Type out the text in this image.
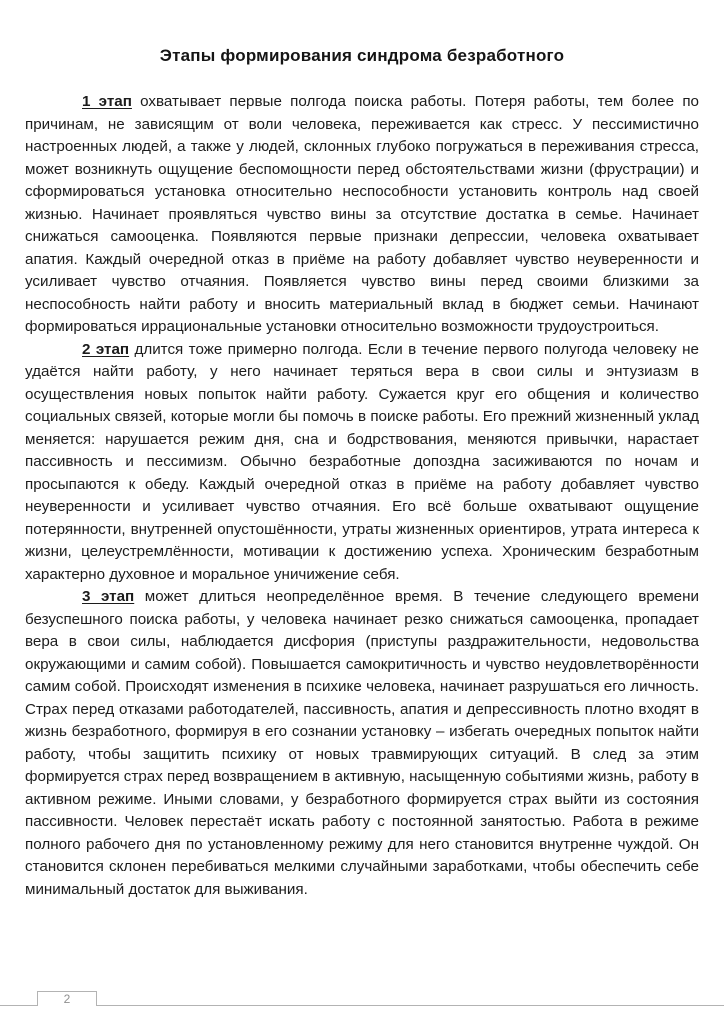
Этапы формирования синдрома безработного

1 этап охватывает первые полгода поиска работы. Потеря работы, тем более по причинам, не зависящим от воли человека, переживается как стресс. У пессимистично настроенных людей, а также у людей, склонных глубоко погружаться в переживания стресса, может возникнуть ощущение беспомощности перед обстоятельствами жизни (фрустрации) и сформироваться установка относительно неспособности установить контроль над своей жизнью. Начинает проявляться чувство вины за отсутствие достатка в семье. Начинает снижаться самооценка. Появляются первые признаки депрессии, человека охватывает апатия. Каждый очередной отказ в приёме на работу добавляет чувство неуверенности и усиливает чувство отчаяния. Появляется чувство вины перед своими близкими за неспособность найти работу и вносить материальный вклад в бюджет семьи. Начинают формироваться иррациональные установки относительно возможности трудоустроиться.

2 этап длится тоже примерно полгода. Если в течение первого полугода человеку не удаётся найти работу, у него начинает теряться вера в свои силы и энтузиазм в осуществления новых попыток найти работу. Сужается круг его общения и количество социальных связей, которые могли бы помочь в поиске работы. Его прежний жизненный уклад меняется: нарушается режим дня, сна и бодрствования, меняются привычки, нарастает пассивность и пессимизм. Обычно безработные допоздна засиживаются по ночам и просыпаются к обеду. Каждый очередной отказ в приёме на работу добавляет чувство неуверенности и усиливает чувство отчаяния. Его всё больше охватывают ощущение потерянности, внутренней опустошённости, утраты жизненных ориентиров, утрата интереса к жизни, целеустремлённости, мотивации к достижению успеха. Хроническим безработным характерно духовное и моральное уничижение себя.

3 этап может длиться неопределённое время. В течение следующего времени безуспешного поиска работы, у человека начинает резко снижаться самооценка, пропадает вера в свои силы, наблюдается дисфория (приступы раздражительности, недовольства окружающими и самим собой). Повышается самокритичность и чувство неудовлетворённости самим собой. Происходят изменения в психике человека, начинает разрушаться его личность. Страх перед отказами работодателей, пассивность, апатия и депрессивность плотно входят в жизнь безработного, формируя в его сознании установку – избегать очередных попыток найти работу, чтобы защитить психику от новых травмирующих ситуаций. В след за этим формируется страх перед возвращением в активную, насыщенную событиями жизнь, работу в активном режиме. Иными словами, у безработного формируется страх выйти из состояния пассивности. Человек перестаёт искать работу с постоянной занятостью. Работа в режиме полного рабочего дня по установленному режиму для него становится внутренне чуждой. Он становится склонен перебиваться мелкими случайными заработками, чтобы обеспечить себе минимальный достаток для выживания.

2
